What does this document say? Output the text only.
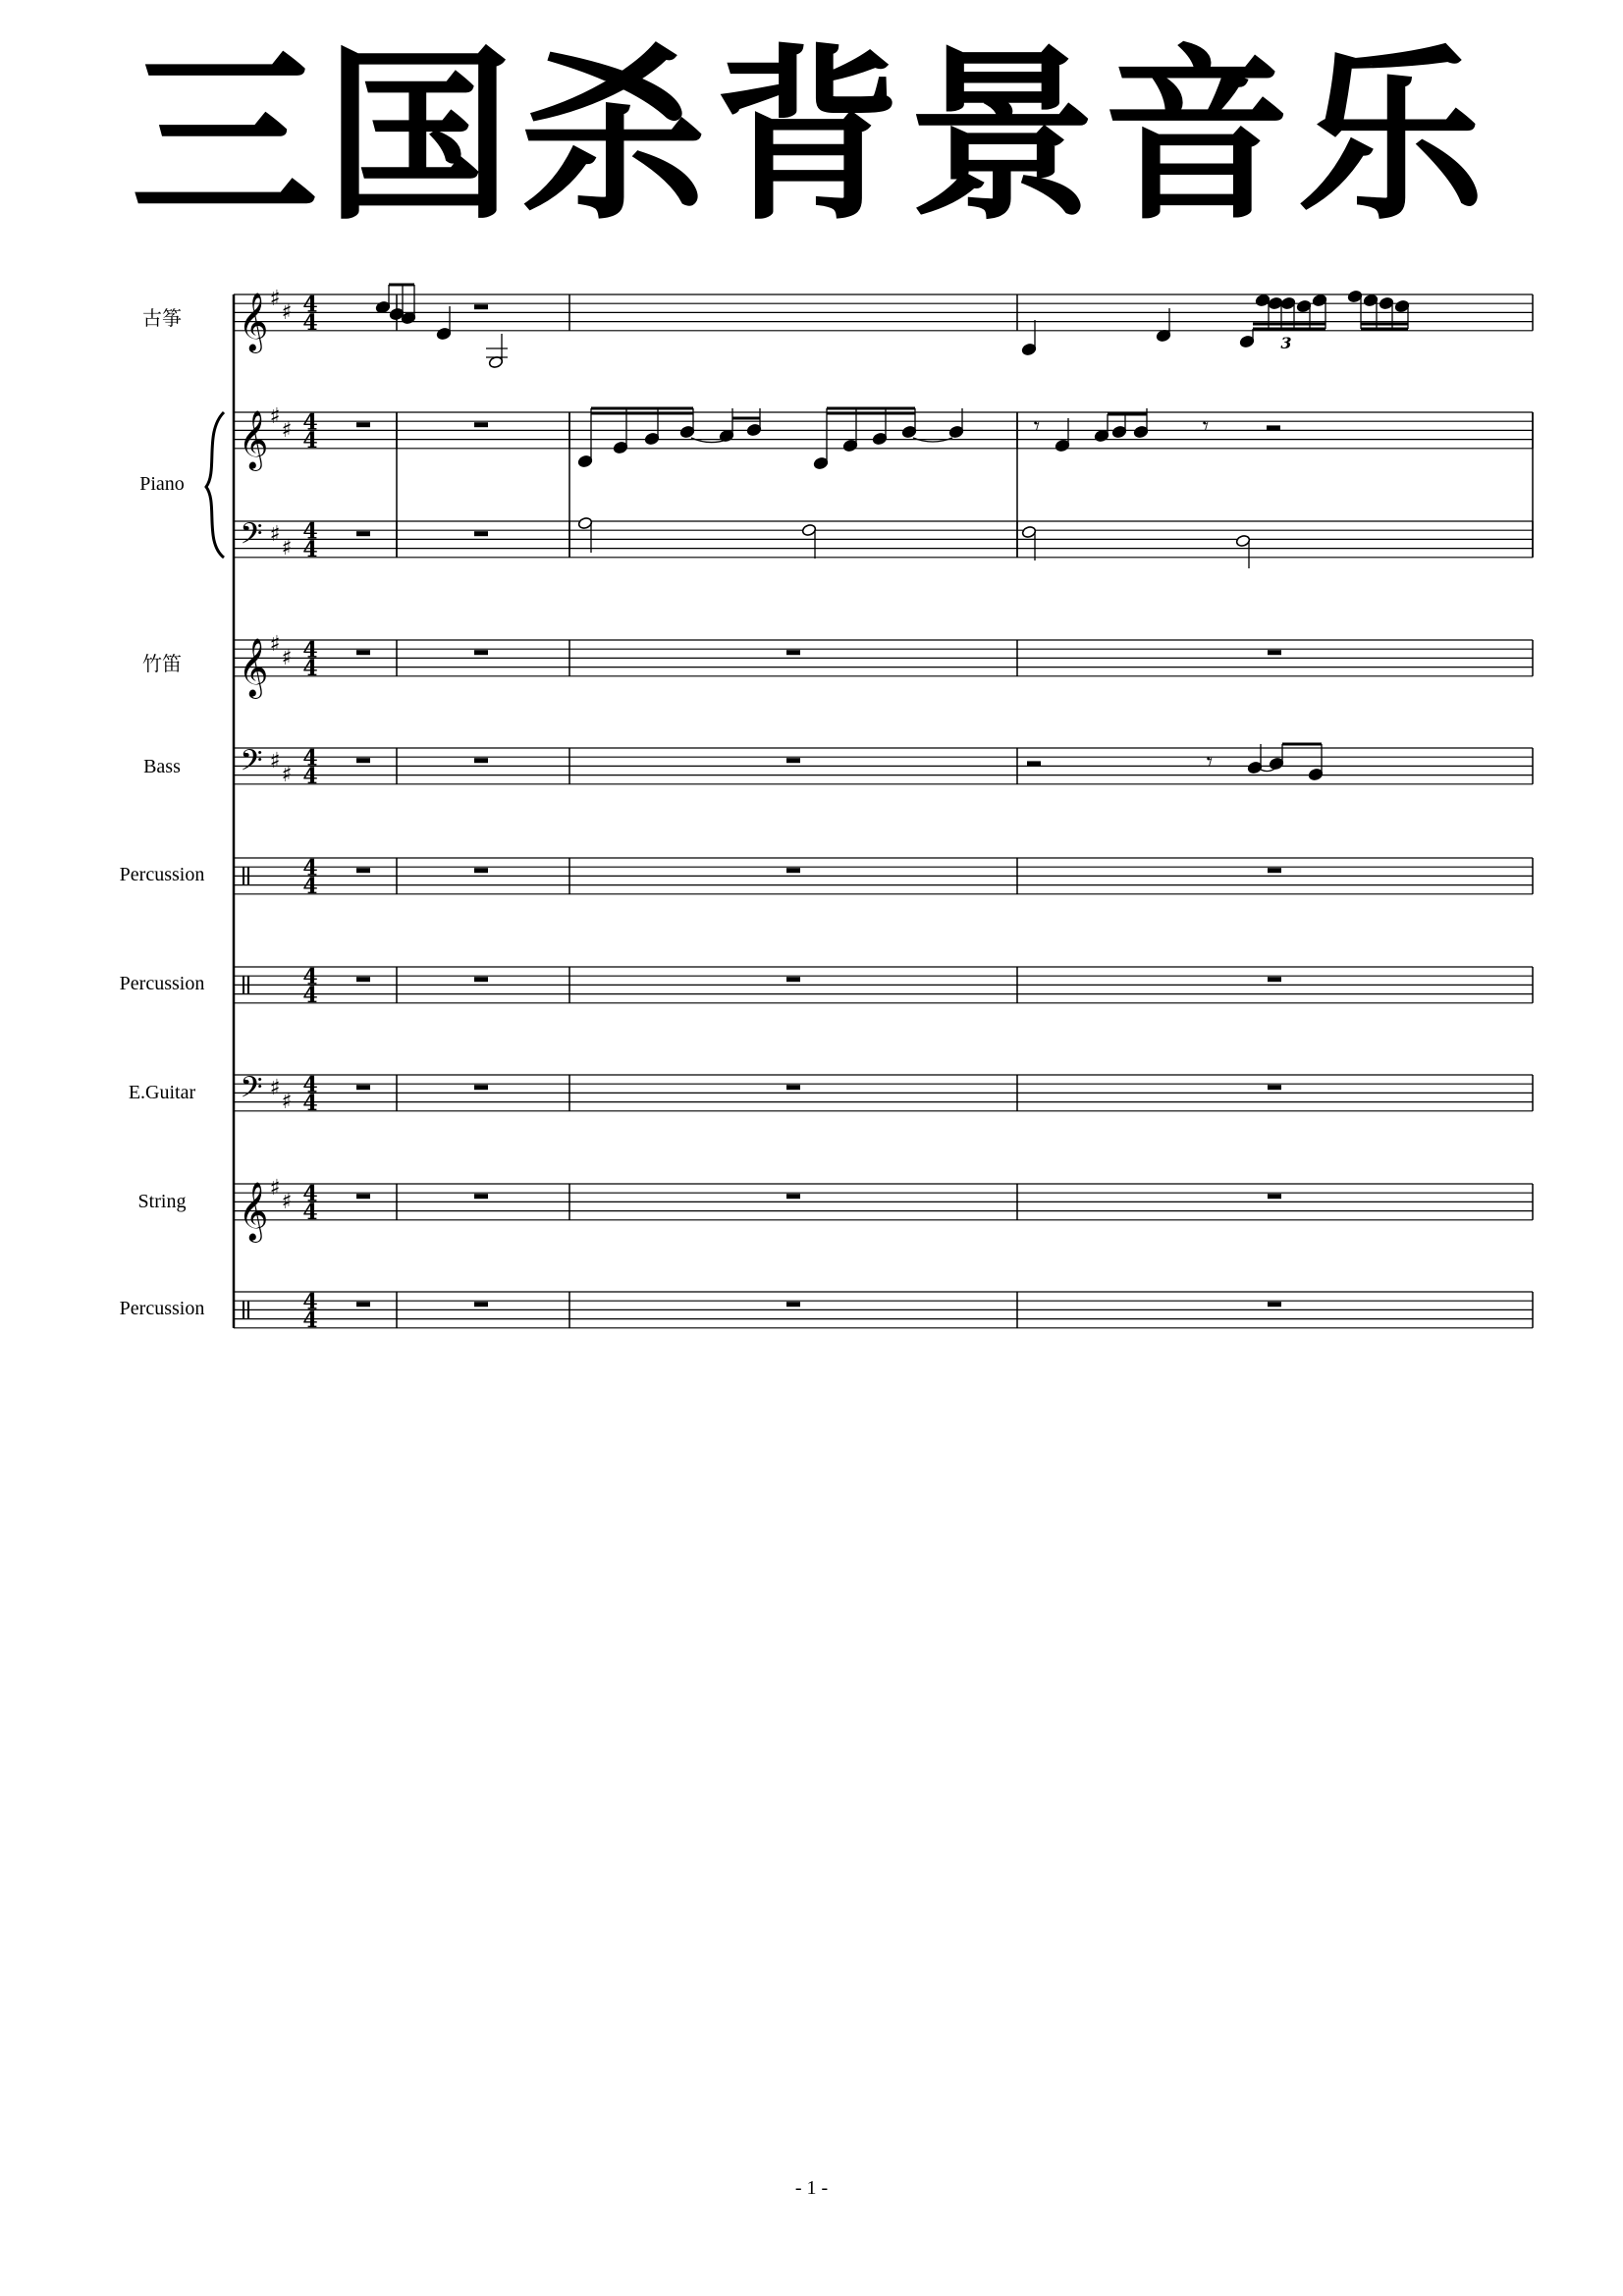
三国杀背景音乐
古筝
Piano
竹笛
Bass
Percussion
Percussion
E.Guitar
String
Percussion
𝄞 ♯
♯ 4
4
𝄞 ♯
♯ 4
4
𝄢 ♯
♯
4
4
𝄞 ♯
♯ 4
4
𝄢 ♯
♯
4
4
4
4
4
4
𝄢 ♯
♯
4
4
𝄞 ♯
♯ 4
4
4
4
3
𝄾	𝄾
𝄾
- 1 -
